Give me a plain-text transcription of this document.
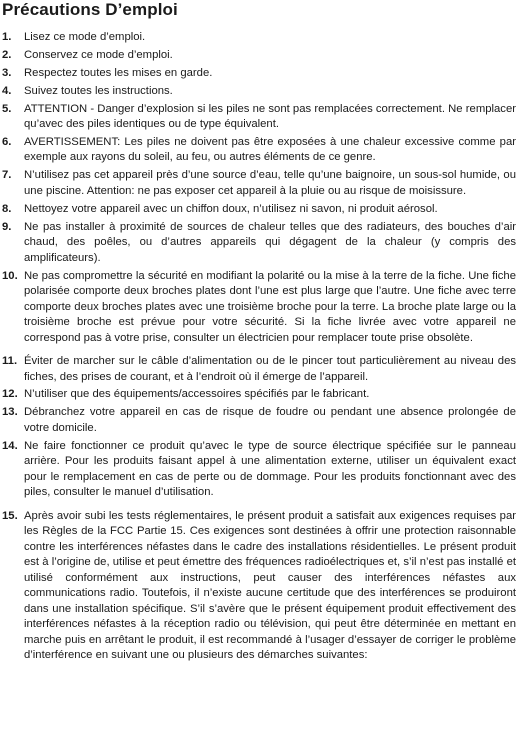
Précautions D’emploi
1.	Lisez ce mode d’emploi.
2.	Conservez ce mode d’emploi.
3.	Respectez toutes les mises en garde.
4.	Suivez toutes les instructions.
5.	ATTENTION - Danger d’explosion si les piles ne sont pas remplacées correctement. Ne remplacer qu’avec des piles identiques ou de type équivalent.
6.	AVERTISSEMENT: Les piles ne doivent pas être exposées à une chaleur excessive comme par exemple aux rayons du soleil, au feu, ou autres éléments de ce genre.
7.	N’utilisez pas cet appareil près d’une source d’eau, telle qu’une baignoire, un sous-sol humide, ou une piscine. Attention: ne pas exposer cet appareil à la pluie ou au risque de moisissure.
8.	Nettoyez votre appareil avec un chiffon doux, n’utilisez ni savon, ni produit aérosol.
9.	Ne pas installer à proximité de sources de chaleur telles que des radiateurs, des bouches d’air chaud, des poêles, ou d’autres appareils qui dégagent de la chaleur (y compris des amplificateurs).
10. Ne pas compromettre la sécurité en modifiant la polarité ou la mise à la terre de la fiche. Une fiche polarisée comporte deux broches plates dont l’une est plus large que l’autre. Une fiche avec terre comporte deux broches plates avec une troisième broche pour la terre. La broche plate large ou la troisième broche est prévue pour votre sécurité. Si la fiche livrée avec votre appareil ne correspond pas à votre prise, consulter un électricien pour remplacer toute prise obsolète.
11. Éviter de marcher sur le câble d’alimentation ou de le pincer tout particulièrement au niveau des fiches, des prises de courant, et à l’endroit où il émerge de l’appareil.
12. N’utiliser que des équipements/accessoires spécifiés par le fabricant.
13. Débranchez votre appareil en cas de risque de foudre ou pendant une absence prolongée de votre domicile.
14. Ne faire fonctionner ce produit qu’avec le type de source électrique spécifiée sur le panneau arrière. Pour les produits faisant appel à une alimentation externe, utiliser un équivalent exact pour le remplacement en cas de perte ou de dommage. Pour les produits fonctionnant avec des piles, consulter le manuel d’utilisation.
15. Après avoir subi les tests réglementaires, le présent produit a satisfait aux exigences requises par les Règles de la FCC Partie 15. Ces exigences sont destinées à offrir une protection raisonnable contre les interférences néfastes dans le cadre des installations résidentielles. Le présent produit est à l’origine de, utilise et peut émettre des fréquences radioélectriques et, s’il n’est pas installé et utilisé conformément aux instructions, peut causer des interférences néfastes aux communications radio. Toutefois, il n’existe aucune certitude que des interférences se produiront dans une installation spécifique. S’il s’avère que le présent équipement produit effectivement des interférences néfastes à la réception radio ou télévision, qui peut être déterminée en mettant en marche puis en arrêtant le produit, il est recommandé à l’usager d’essayer de corriger le problème d’interférence en suivant une ou plusieurs des démarches suivantes:
